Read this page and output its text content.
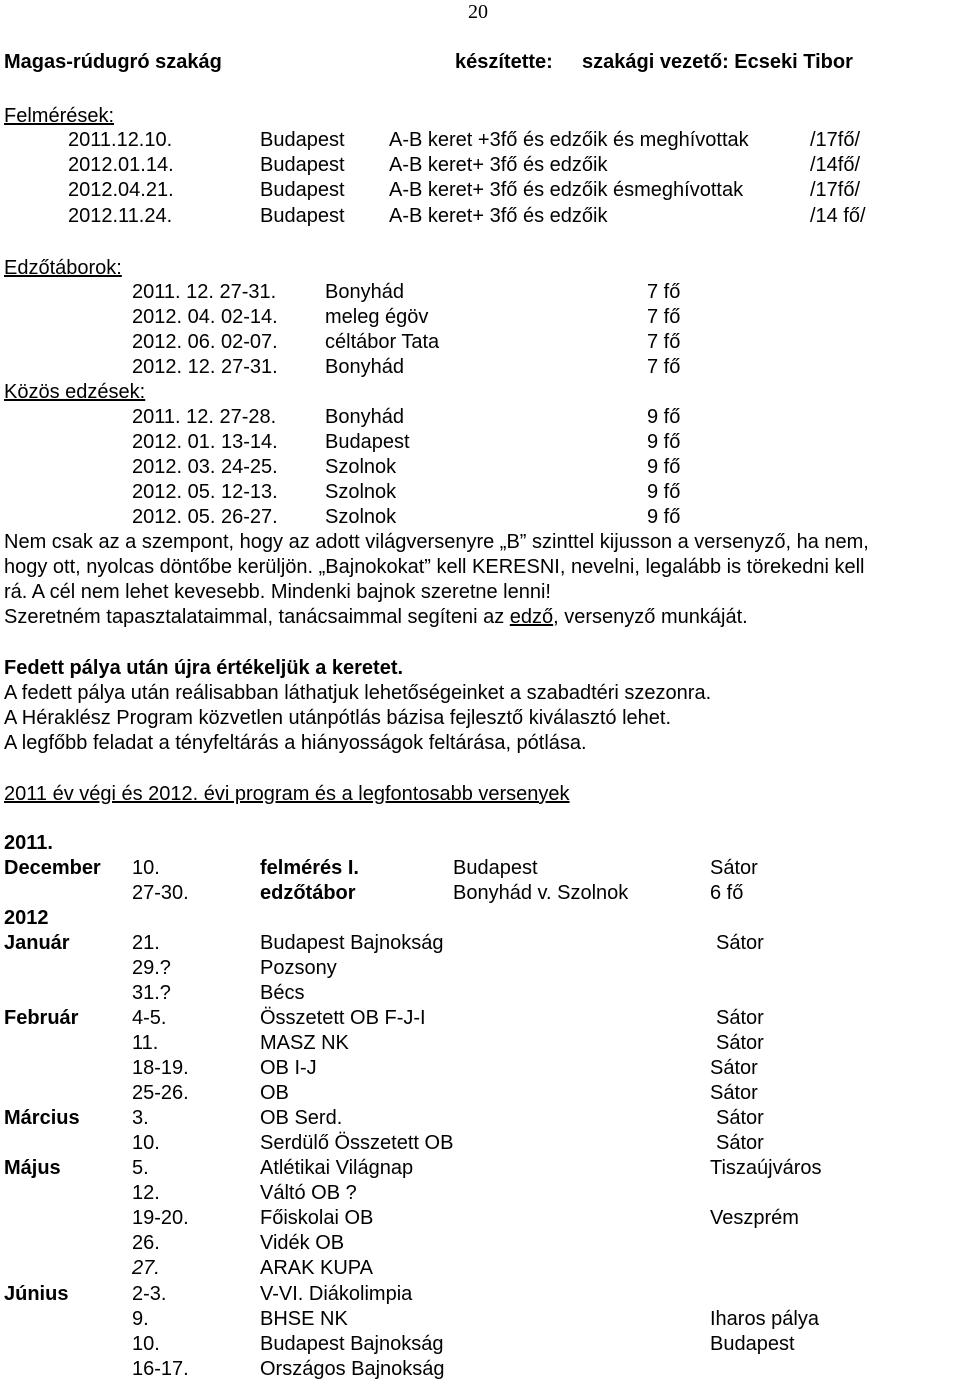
20
Magas-rúdugró szakág	készítette: szakági vezető: Ecseki Tibor
Felmérések:
2011.12.10.	Budapest A-B keret +3fő és edzőik és meghívottak	/17fő/
2012.01.14.	Budapest A-B keret+ 3fő és edzőik	/14fő/
2012.04.21.	Budapest A-B keret+ 3fő és edzőik ésmeghívottak	/17fő/
2012.11.24.	Budapest A-B keret+ 3fő és edzőik	/14 fő/
Edzőtáborok:
2011. 12. 27-31. Bonyhád	7 fő
2012. 04. 02-14. meleg égöv	7 fő
2012. 06. 02-07. céltábor Tata	7 fő
2012. 12. 27-31. Bonyhád	7 fő
Közös edzések:
2011. 12. 27-28. Bonyhád	9 fő
2012. 01. 13-14. Budapest	9 fő
2012. 03. 24-25. Szolnok	9 fő
2012. 05. 12-13. Szolnok	9 fő
2012. 05. 26-27. Szolnok	9 fő
Nem csak az a szempont, hogy az adott világversenyre „B” szinttel kijusson a versenyző, ha nem,
hogy ott, nyolcas döntőbe kerüljön. „Bajnokokat” kell KERESNI, nevelni, legalább is törekedni kell
rá. A cél nem lehet kevesebb. Mindenki bajnok szeretne lenni!
Szeretném tapasztalataimmal, tanácsaimmal segíteni az edző, versenyző munkáját.
Fedett pálya után újra értékeljük a keretet.
A fedett pálya után reálisabban láthatjuk lehetőségeinket a szabadtéri szezonra.
A Héraklész Program közvetlen utánpótlás bázisa fejlesztő kiválasztó lehet.
A legfőbb feladat a tényfeltárás a hiányosságok feltárása, pótlása.
2011 év végi és 2012. évi program és a legfontosabb versenyek
2011.
2012
December 10.	felmérés I.	Budapest	Sátor
27-30.	edzőtábor	Bonyhád v. Szolnok	6 fő
Január	21.	Budapest Bajnokság	Sátor
29.?	Pozsony
31.?	Bécs
Február	4-5.	Összetett OB F-J-I	Sátor
11.	MASZ NK	Sátor
18-19.	OB I-J	Sátor
25-26.	OB	Sátor
Március	3.	OB Serd.	Sátor
10.	Serdülő Összetett OB	Sátor
Május	5.	Atlétikai Világnap	Tiszaújváros
12.	Váltó OB ?
19-20.	Főiskolai OB	Veszprém
26.	Vidék OB
27.	ARAK KUPA
Június	2-3.	V-VI. Diákolimpia
9.	BHSE NK	Iharos pálya
10.	Budapest Bajnokság	Budapest
16-17.	Országos Bajnokság
